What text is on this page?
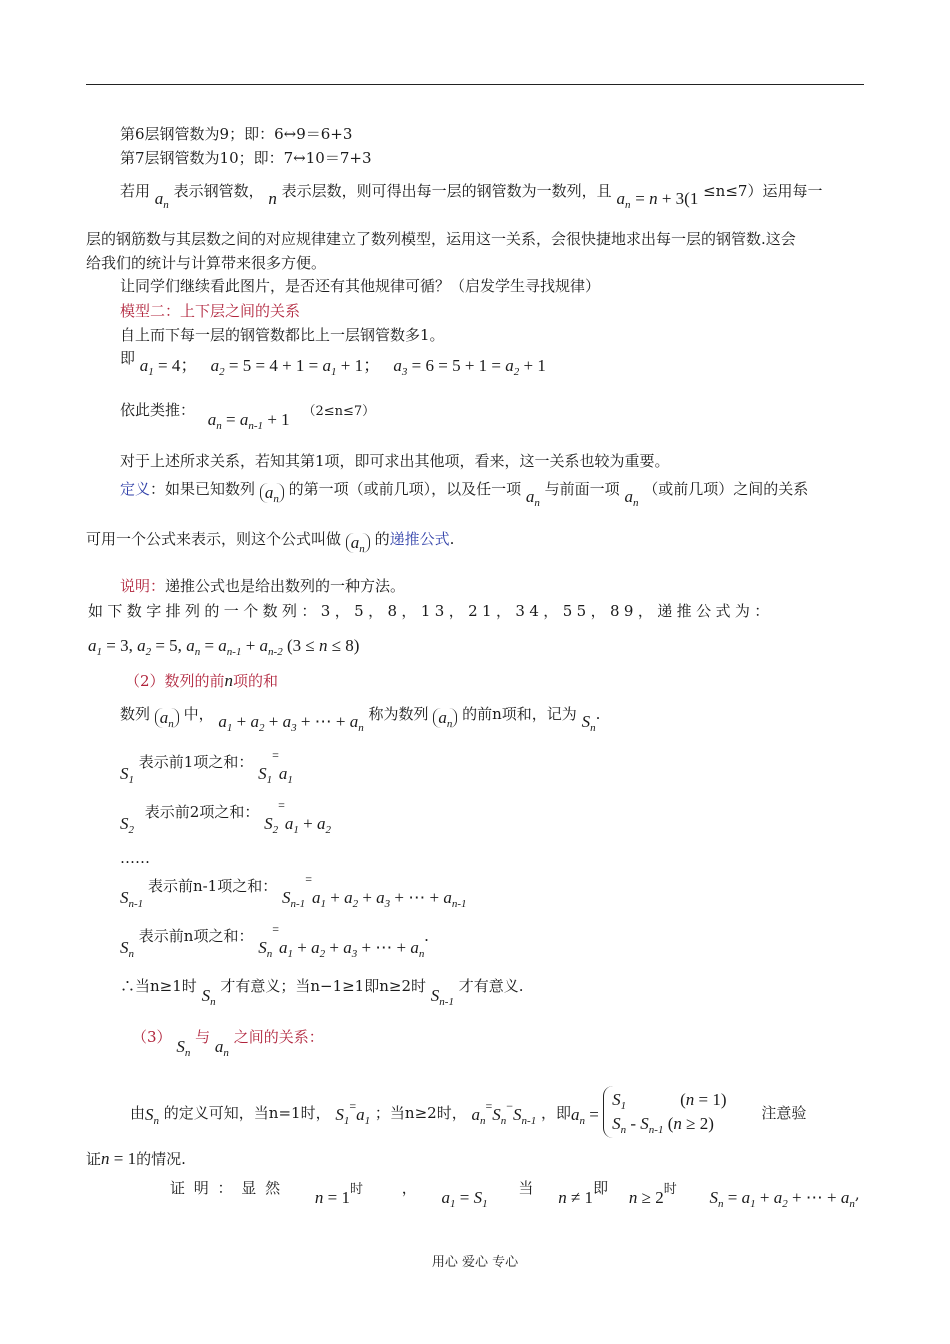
第6层钢管数为9；即：6↔9＝6+3
第7层钢管数为10；即：7↔10＝7+3
若用 $a_n$ 表示钢管数， n 表示层数，则可得出每一层的钢管数为一数列，且 $a_n = n + 3(1 \le n\le 7)$运用每一
层的钢筋数与其层数之间的对应规律建立了数列模型，运用这一关系，会很快捷地求出每一层的钢管数.这会
给我们的统计与计算带来很多方便。
让同学们继续看此图片，是否还有其他规律可循？（启发学生寻找规律）
模型二：上下层之间的关系
自上而下每一层的钢管数都比上一层钢管数多1。
即 $a_1 = 4$；   $a_2 = 5 = 4 + 1 = a_1 + 1$；   $a_3 = 6 = 5 + 1 = a_2 + 1$
依此类推： $a_n = a_{n-1} + 1$ （2≤n≤7）
对于上述所求关系，若知其第1项，即可求出其他项，看来，这一关系也较为重要。
定义：如果已知数列 $a_n$ 的第一项（或前几项），以及任一项 $a_n$ 与前面一项 $a_n$ （或前几项）之间的关系
可用一个公式来表示，则这个公式叫做 $a_n$ 的递推公式.
说明：递推公式也是给出数列的一种方法。
如下数字排列的一个数列：3，5，8，13，21，34，55，89，递推公式为：
$a_1 = 3$, $a_2 = 5$, $a_n = a_{n-1} + a_{n-2}$ (3 ≤ n ≤ 8)
（2）数列的前n项的和
数列 $a_n$ 中， $a_1 + a_2 + a_3$ + ⋯ + $a_n$ 称为数列 $a_n$ 的前n项和，记为 $S_n$.
$S_1$ 表示前1项之和： $S_1^=a_1$
$S_2$ 表示前2项之和： $S_2^=a_1 + a_2$
……
$S_{n-1}$ 表示前n-1项之和： $S_{n-1}^=a_1 + a_2 + a_3$ + ⋯ + $a_{n-1}$
$S_n$ 表示前n项之和： $S_n^=a_1 + a_2 + a_3$ + ⋯ + $a_n$.
∴当n≥1时 $S_n$ 才有意义；当n−1≥1即n≥2时 $S_{n-1}$ 才有意义.
（3） $S_n$ 与 $a_n$ 之间的关系：
由$S_n$ 的定义可知，当n=1时， $S_1=a_1$ ；当n≥2时， $a_n=S_n-S_{n-1}$ ，即$a_n$ =
$S_1$	(n = 1)
$S_n - S_{n-1}$ (n ≥ 2)
注意验
证n = 1的情况.
证 明 ： 显 然 n = 1时	， $a_1 = S_1$ 当 n ≠ 1即 n ≥ 2时 $S_n = a_1 + a_2$ + ⋯ + $a_n$,
用心 爱心 专心
